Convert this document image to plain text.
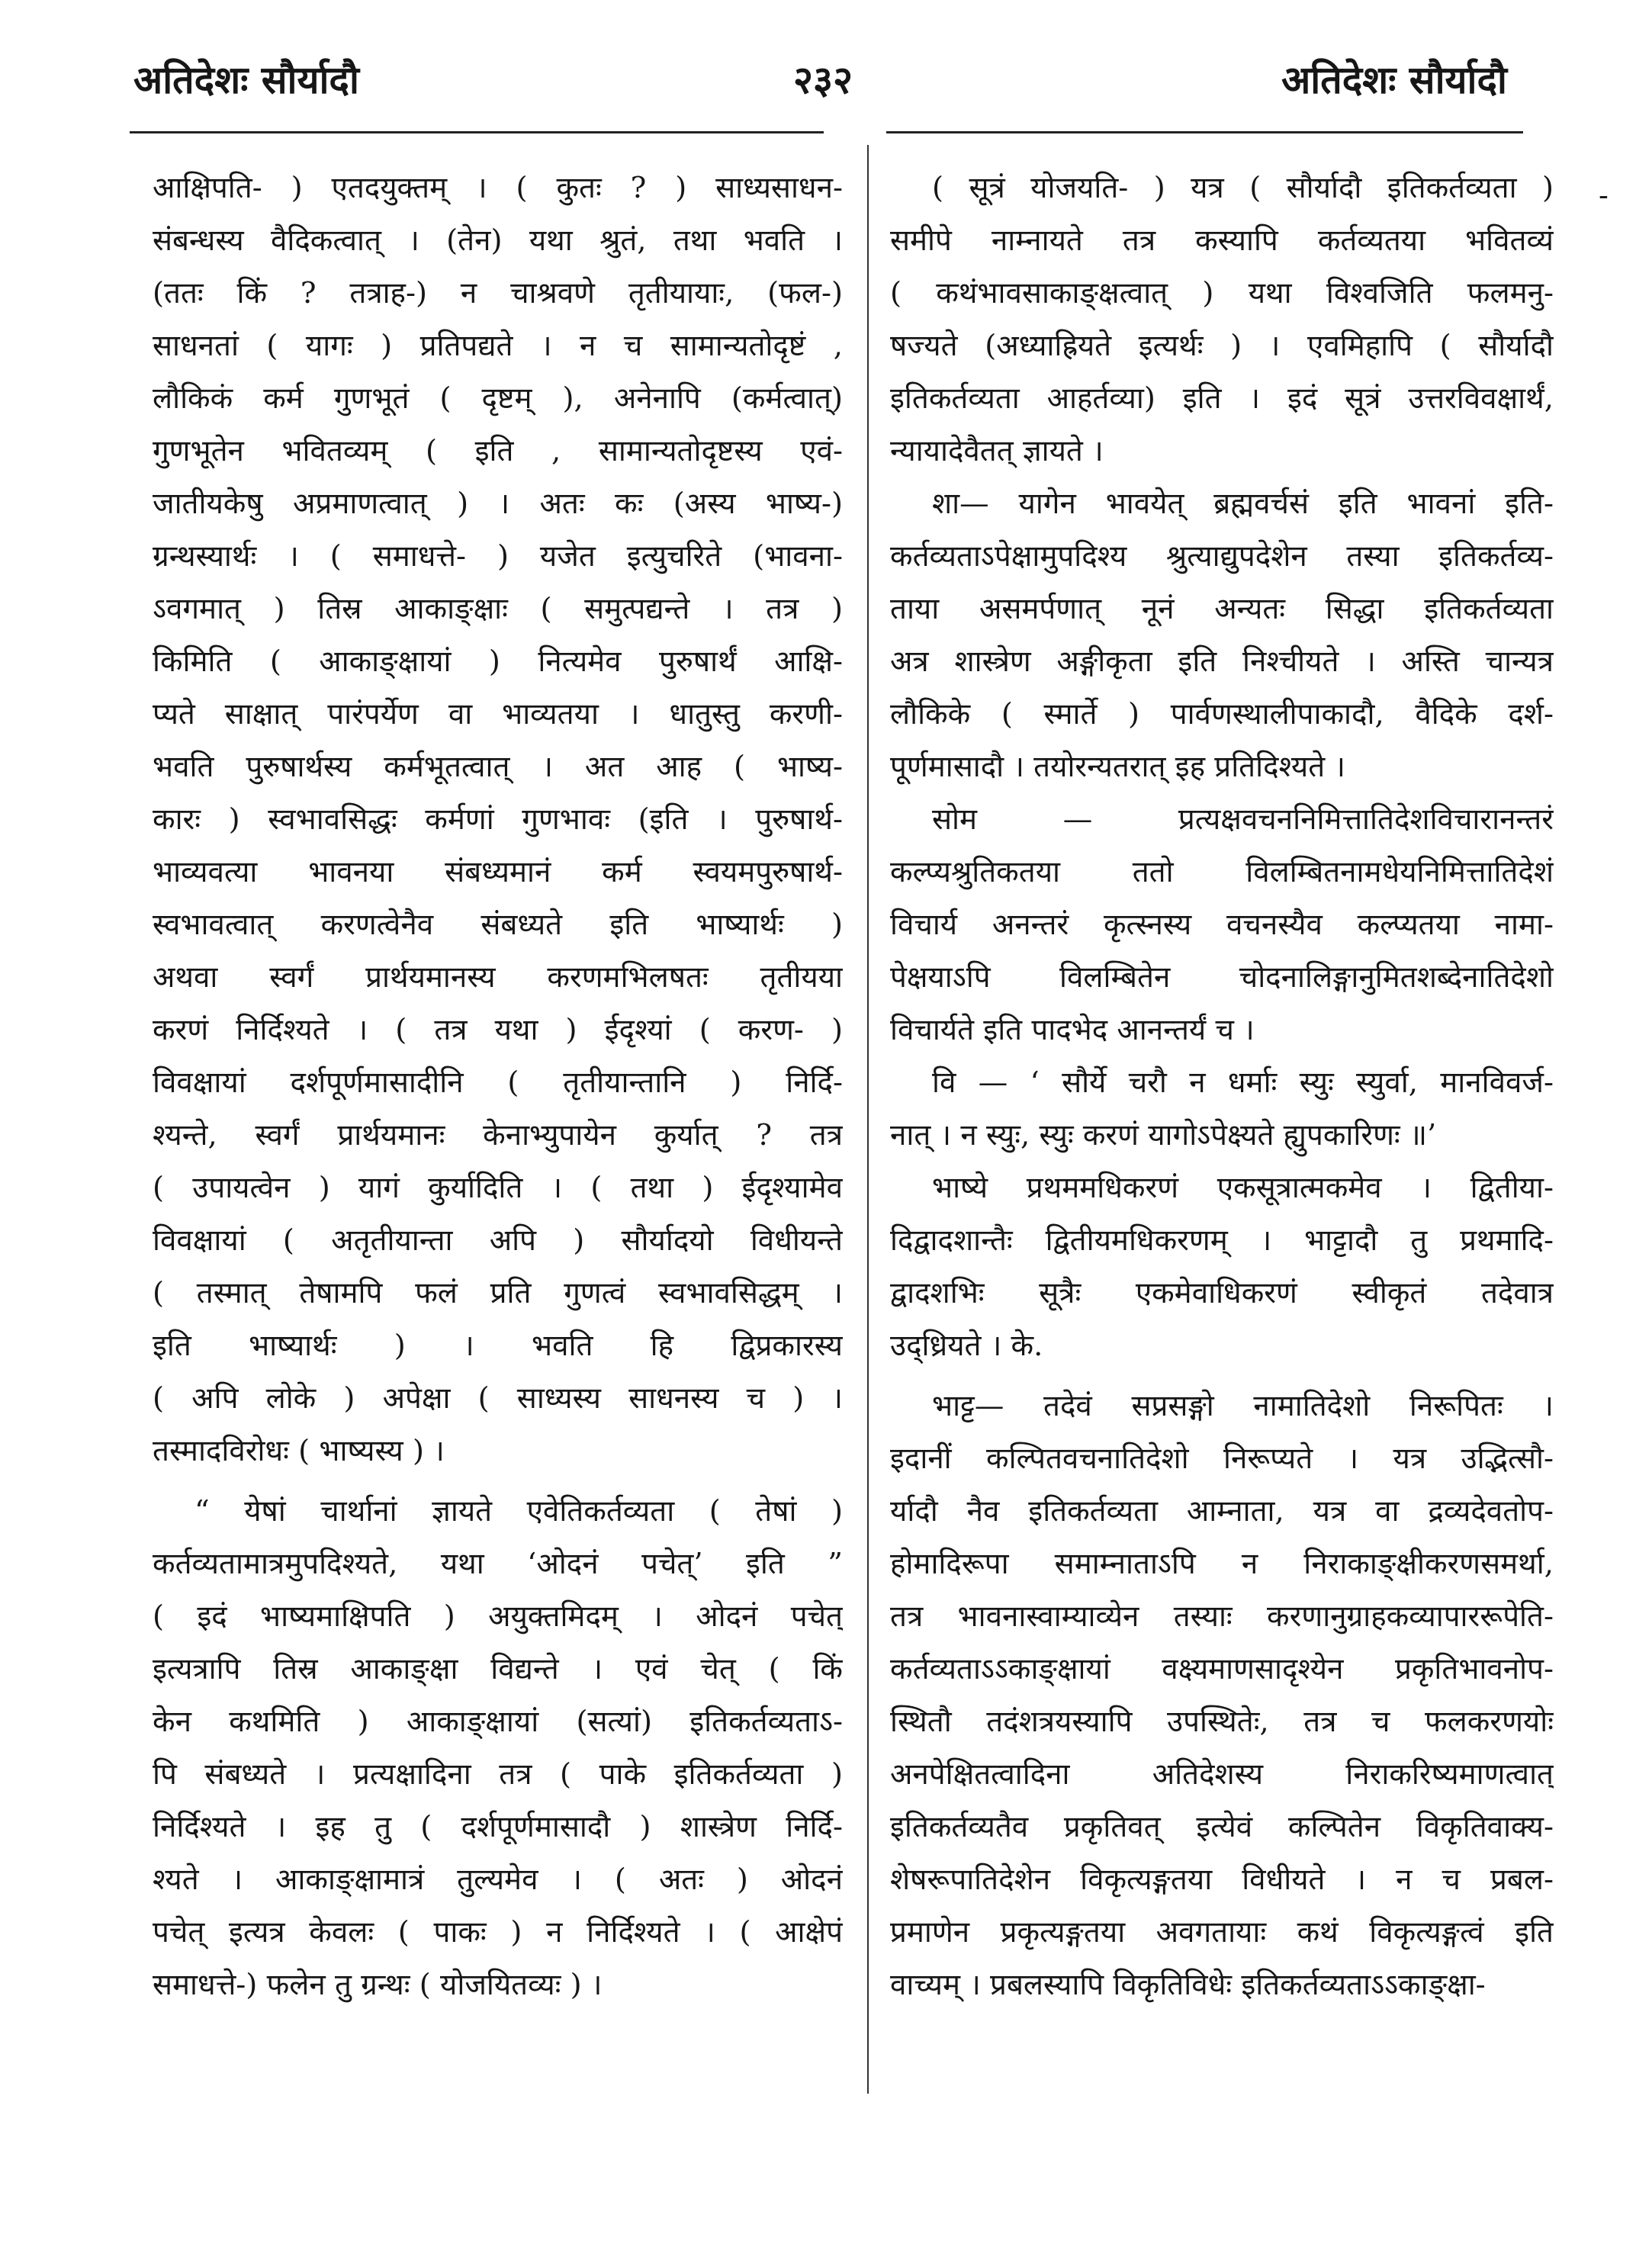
अतिदेशः सौर्यादौ	२३२	अतिदेशः सौर्यादौ
आक्षिपति- ) एतदयुक्तम् । ( कुतः ? ) साध्यसाधन-
संबन्धस्य वैदिकत्वात् । (तेन) यथा श्रुतं, तथा भवति ।
(ततः किं ? तत्राह-) न चाश्रवणे तृतीयायाः, (फल-)
साधनतां ( यागः ) प्रतिपद्यते । न च सामान्यतोदृष्टं ,
लौकिकं कर्म गुणभूतं ( दृष्टम् ), अनेनापि (कर्मत्वात्)
गुणभूतेन भवितव्यम् ( इति , सामान्यतोदृष्टस्य एवं-
जातीयकेषु अप्रमाणत्वात् ) । अतः कः (अस्य भाष्य-)
ग्रन्थस्यार्थः । ( समाधत्ते- ) यजेत इत्युचरिते (भावना-
ऽवगमात् ) तिस्र आकाङ्क्षाः ( समुत्पद्यन्ते । तत्र )
किमिति ( आकाङ्क्षायां ) नित्यमेव पुरुषार्थं आक्षि-
प्यते साक्षात् पारंपर्येण वा भाव्यतया । धातुस्तु करणी-
भवति पुरुषार्थस्य कर्मभूतत्वात् । अत आह ( भाष्य-
कारः ) स्वभावसिद्धः कर्मणां गुणभावः (इति । पुरुषार्थ-
भाव्यवत्या भावनया संबध्यमानं कर्म स्वयमपुरुषार्थ-
स्वभावत्वात् करणत्वेनैव संबध्यते इति भाष्यार्थः )
अथवा स्वर्गं प्रार्थयमानस्य करणमभिलषतः तृतीयया
करणं निर्दिश्यते । ( तत्र यथा ) ईदृश्यां ( करण- )
विवक्षायां दर्शपूर्णमासादीनि ( तृतीयान्तानि ) निर्दि-
श्यन्ते, स्वर्गं प्रार्थयमानः केनाभ्युपायेन कुर्यात् ? तत्र
( उपायत्वेन ) यागं कुर्यादिति । ( तथा ) ईदृश्यामेव
विवक्षायां ( अतृतीयान्ता अपि ) सौर्यादयो विधीयन्ते
( तस्मात् तेषामपि फलं प्रति गुणत्वं स्वभावसिद्धम् ।
इति भाष्यार्थः ) । भवति हि द्विप्रकारस्य
( अपि लोके ) अपेक्षा ( साध्यस्य साधनस्य च ) ।
तस्मादविरोधः ( भाष्यस्य ) ।
“ येषां चार्थानां ज्ञायते एवेतिकर्तव्यता ( तेषां )
कर्तव्यतामात्रमुपदिश्यते, यथा ‘ओदनं पचेत्’ इति ”
( इदं भाष्यमाक्षिपति ) अयुक्तमिदम् । ओदनं पचेत्
इत्यत्रापि तिस्र आकाङ्क्षा विद्यन्ते । एवं चेत् ( किं
केन कथमिति ) आकाङ्क्षायां (सत्यां) इतिकर्तव्यताऽ-
पि संबध्यते । प्रत्यक्षादिना तत्र ( पाके इतिकर्तव्यता )
निर्दिश्यते । इह तु ( दर्शपूर्णमासादौ ) शास्त्रेण निर्दि-
श्यते । आकाङ्क्षामात्रं तुल्यमेव । ( अतः ) ओदनं
पचेत् इत्यत्र केवलः ( पाकः ) न निर्दिश्यते । ( आक्षेपं
समाधत्ते-) फलेन तु ग्रन्थः ( योजयितव्यः ) ।
( सूत्रं योजयति- ) यत्र ( सौर्यादौ इतिकर्तव्यता )
समीपे नाम्नायते तत्र कस्यापि कर्तव्यतया भवितव्यं
( कथंभावसाकाङ्क्षत्वात् ) यथा विश्वजिति फलमनु-
षज्यते (अध्याह्रियते इत्यर्थः ) । एवमिहापि ( सौर्यादौ
इतिकर्तव्यता आहर्तव्या) इति । इदं सूत्रं उत्तरविवक्षार्थं,
न्यायादेवैतत् ज्ञायते ।
शा— यागेन भावयेत् ब्रह्मवर्चसं इति भावनां इति-
कर्तव्यताऽपेक्षामुपदिश्य श्रुत्याद्युपदेशेन तस्या इतिकर्तव्य-
ताया असमर्पणात् नूनं अन्यतः सिद्धा इतिकर्तव्यता
अत्र शास्त्रेण अङ्गीकृता इति निश्चीयते । अस्ति चान्यत्र
लौकिके ( स्मार्ते ) पार्वणस्थालीपाकादौ, वैदिके दर्श-
पूर्णमासादौ । तयोरन्यतरात् इह प्रतिदिश्यते ।
सोम — प्रत्यक्षवचननिमित्तातिदेशविचारानन्तरं
कल्प्यश्रुतिकतया ततो विलम्बितनामधेयनिमित्तातिदेशं
विचार्य अनन्तरं कृत्स्नस्य वचनस्यैव कल्प्यतया नामा-
पेक्षयाऽपि विलम्बितेन चोदनालिङ्गानुमितशब्देनातिदेशो
विचार्यते इति पादभेद आनन्तर्यं च ।
वि — ‘ सौर्ये चरौ न धर्माः स्युः स्युर्वा, मानविवर्ज-
नात् । न स्युः, स्युः करणं यागोऽपेक्ष्यते ह्युपकारिणः ॥’
भाष्ये प्रथममधिकरणं एकसूत्रात्मकमेव । द्वितीया-
दिद्वादशान्तैः द्वितीयमधिकरणम् । भाट्टादौ तु प्रथमादि-
द्वादशभिः सूत्रैः एकमेवाधिकरणं स्वीकृतं तदेवात्र
उद्ध्रियते । के.
भाट्ट— तदेवं सप्रसङ्गो नामातिदेशो निरूपितः ।
इदानीं कल्पितवचनातिदेशो निरूप्यते । यत्र उद्भित्सौ-
र्यादौ नैव इतिकर्तव्यता आम्नाता, यत्र वा द्रव्यदेवतोप-
होमादिरूपा समाम्नाताऽपि न निराकाङ्क्षीकरणसमर्था,
तत्र भावनास्वाम्याव्येन तस्याः करणानुग्राहकव्यापाररूपेति-
कर्तव्यताऽऽकाङ्क्षायां वक्ष्यमाणसादृश्येन प्रकृतिभावनोप-
स्थितौ तदंशत्रयस्यापि उपस्थितेः, तत्र च फलकरणयोः
अनपेक्षितत्वादिना अतिदेशस्य निराकरिष्यमाणत्वात्
इतिकर्तव्यतैव प्रकृतिवत् इत्येवं कल्पितेन विकृतिवाक्य-
शेषरूपातिदेशेन विकृत्यङ्गतया विधीयते । न च प्रबल-
प्रमाणेन प्रकृत्यङ्गतया अवगतायाः कथं विकृत्यङ्गत्वं इति
वाच्यम् । प्रबलस्यापि विकृतिविधेः इतिकर्तव्यताऽऽकाङ्क्षा-
-
